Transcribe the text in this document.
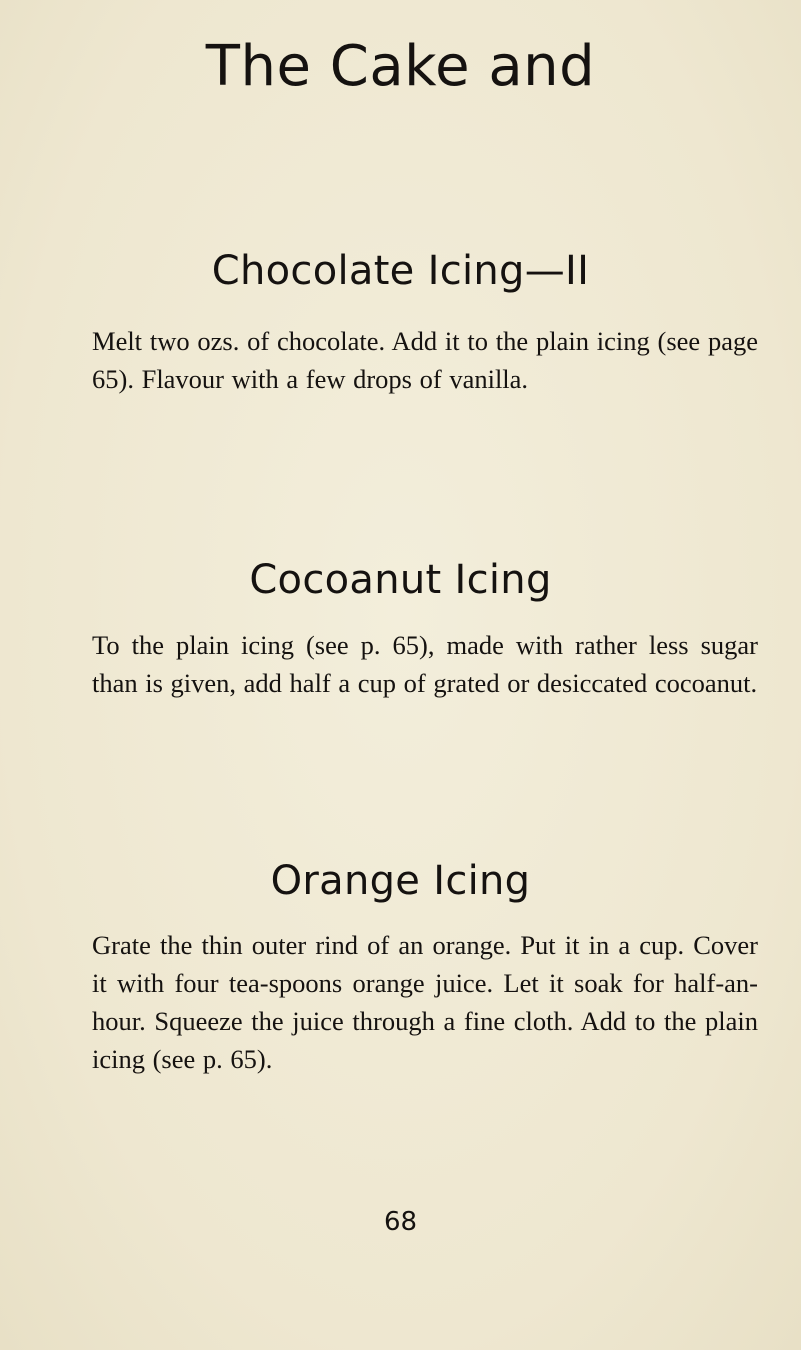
The Cake and
Chocolate Icing—II

Melt two ozs. of chocolate. Add it to the plain icing (see page 65). Flavour with a few drops of vanilla.

Cocoanut Icing

To the plain icing (see p. 65), made with rather less sugar than is given, add half a cup of grated or desiccated cocoanut.

Orange Icing

Grate the thin outer rind of an orange. Put it in a cup. Cover it with four tea-spoons orange juice. Let it soak for half-an-hour. Squeeze the juice through a fine cloth. Add to the plain icing (see p. 65).

68
